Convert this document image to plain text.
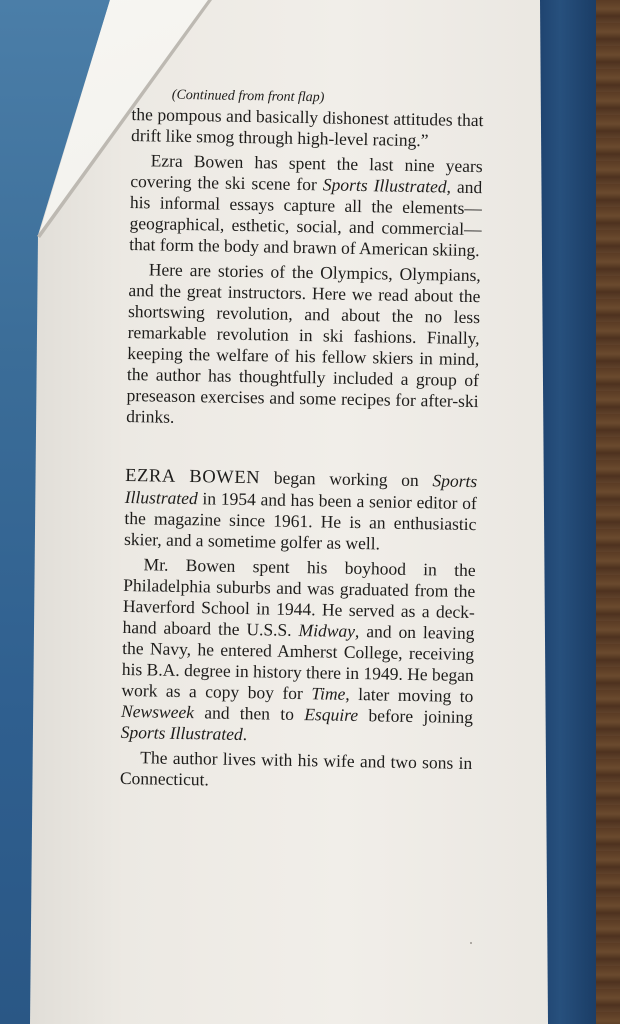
(Continued from front flap)

the pompous and basically dishonest attitudes that drift like smog through high-level racing.”

Ezra Bowen has spent the last nine years covering the ski scene for Sports Illustrated, and his informal essays capture all the elements—geographical, esthetic, social, and commercial—that form the body and brawn of American skiing.

Here are stories of the Olympics, Olympians, and the great instructors. Here we read about the shortswing revolution, and about the no less remarkable revolution in ski fashions. Finally, keeping the welfare of his fellow skiers in mind, the author has thoughtfully included a group of preseason exercises and some recipes for after-ski drinks.

EZRA BOWEN began working on Sports Illustrated in 1954 and has been a senior editor of the magazine since 1961. He is an enthusiastic skier, and a sometime golfer as well.

Mr. Bowen spent his boyhood in the Philadelphia suburbs and was graduated from the Haverford School in 1944. He served as a deck-hand aboard the U.S.S. Midway, and on leaving the Navy, he entered Amherst College, receiving his B.A. degree in history there in 1949. He began work as a copy boy for Time, later moving to Newsweek and then to Esquire before joining Sports Illustrated.

The author lives with his wife and two sons in Connecticut.
